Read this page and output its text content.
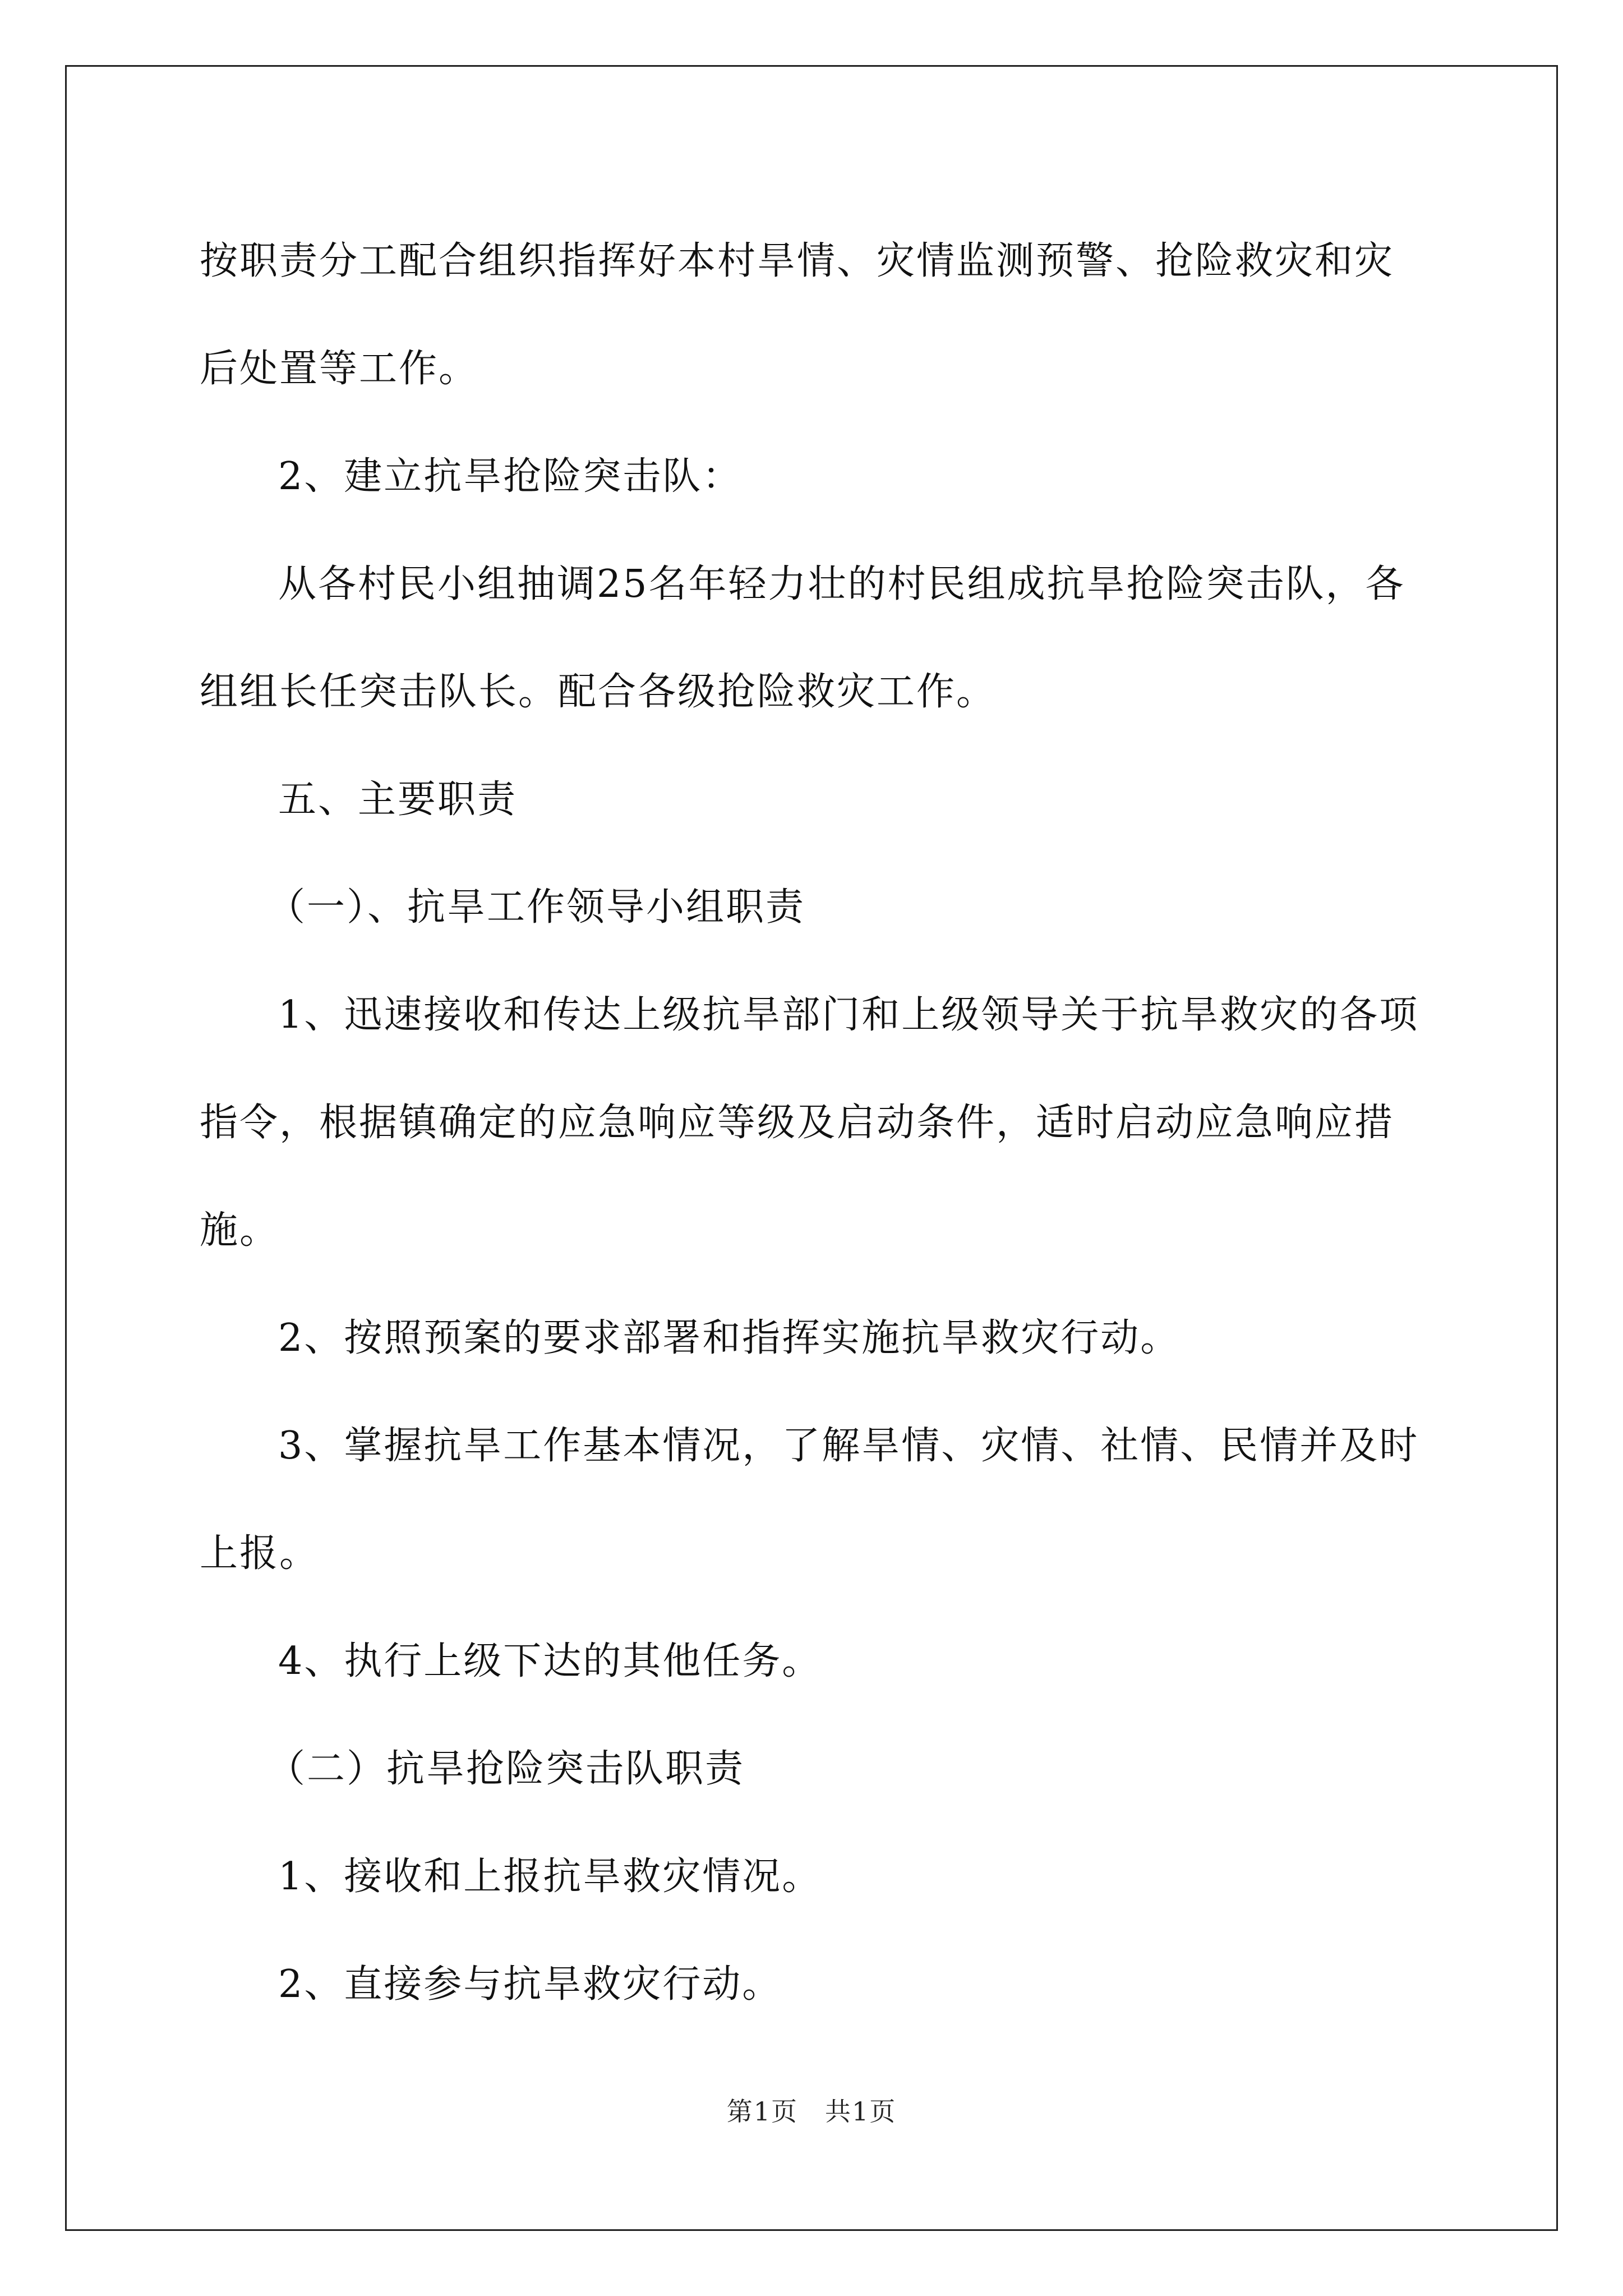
按职责分工配合组织指挥好本村旱情、灾情监测预警、抢险救灾和灾后处置等工作。

2、建立抗旱抢险突击队：

从各村民小组抽调25名年轻力壮的村民组成抗旱抢险突击队，各组组长任突击队长。配合各级抢险救灾工作。

五、主要职责

（一）、抗旱工作领导小组职责

1、迅速接收和传达上级抗旱部门和上级领导关于抗旱救灾的各项指令，根据镇确定的应急响应等级及启动条件，适时启动应急响应措施。

2、按照预案的要求部署和指挥实施抗旱救灾行动。

3、掌握抗旱工作基本情况，了解旱情、灾情、社情、民情并及时上报。

4、执行上级下达的其他任务。

（二）抗旱抢险突击队职责

1、接收和上报抗旱救灾情况。

2、直接参与抗旱救灾行动。

第1页　共1页
